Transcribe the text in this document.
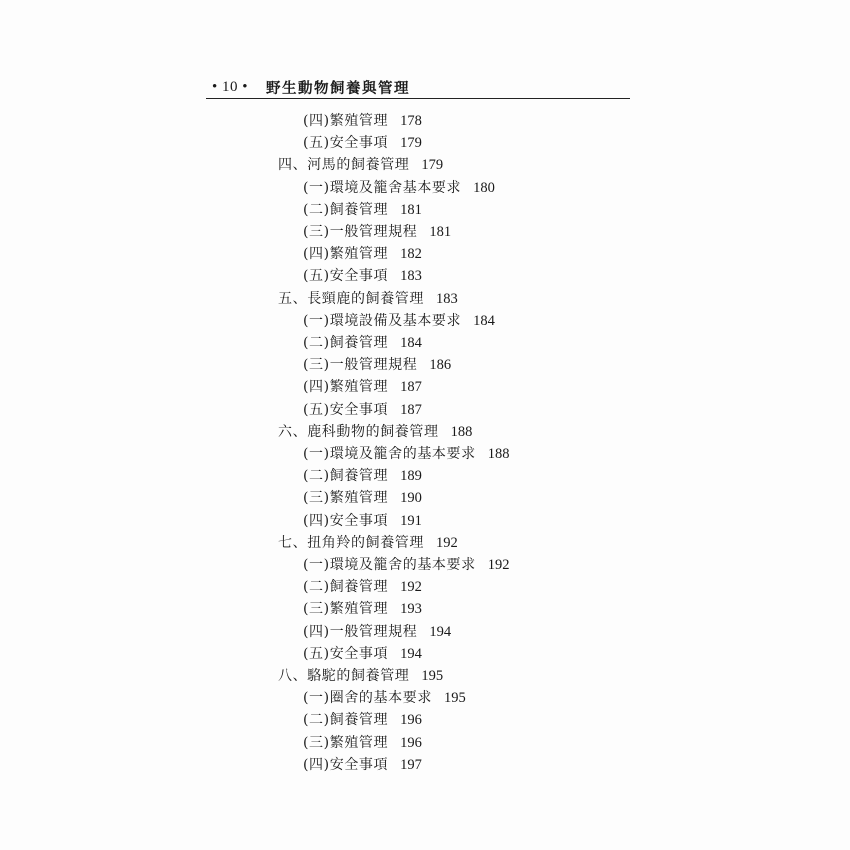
• 10 • 野生動物飼養與管理
(四)繁殖管理 178
(五)安全事項 179
四、河馬的飼養管理 179
(一)環境及籠舍基本要求 180
(二)飼養管理 181
(三)一般管理規程 181
(四)繁殖管理 182
(五)安全事項 183
五、長頸鹿的飼養管理 183
(一)環境設備及基本要求 184
(二)飼養管理 184
(三)一般管理規程 186
(四)繁殖管理 187
(五)安全事項 187
六、鹿科動物的飼養管理 188
(一)環境及籠舍的基本要求 188
(二)飼養管理 189
(三)繁殖管理 190
(四)安全事項 191
七、扭角羚的飼養管理 192
(一)環境及籠舍的基本要求 192
(二)飼養管理 192
(三)繁殖管理 193
(四)一般管理規程 194
(五)安全事項 194
八、駱駝的飼養管理 195
(一)圈舍的基本要求 195
(二)飼養管理 196
(三)繁殖管理 196
(四)安全事項 197
